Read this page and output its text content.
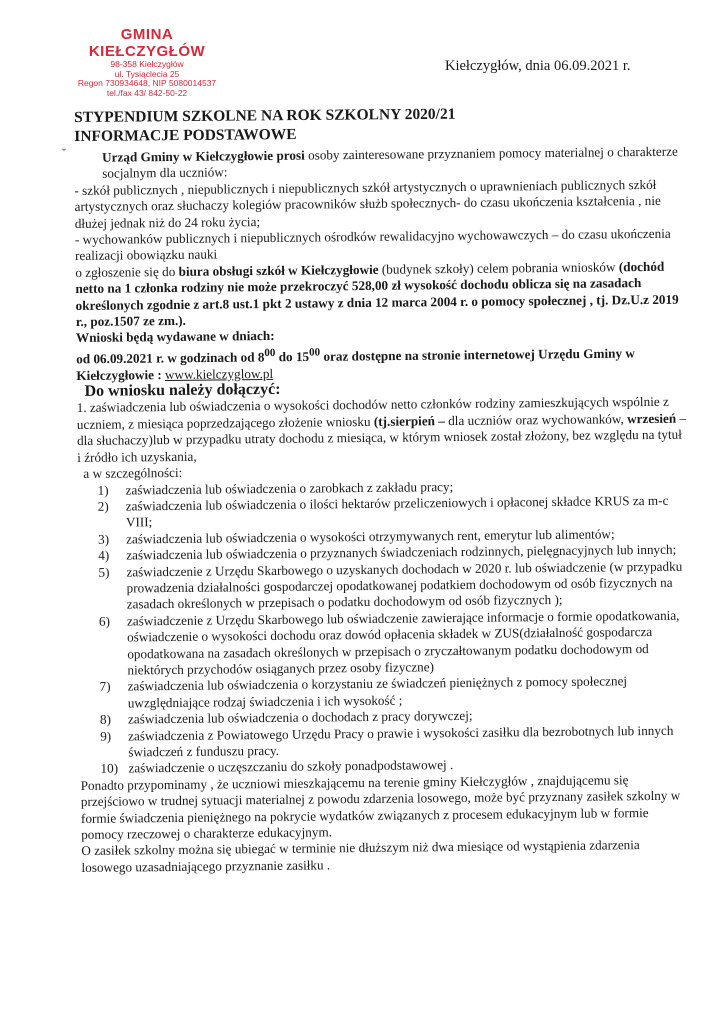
GMINA KIEŁCZYGŁÓW
98-358 Kiełczygłów
ul. Tysiąclecia 25
Regon 730934648, NIP 5080014537
tel./fax 43/ 842-50-22
Kiełczygłów, dnia 06.09.2021 r.
STYPENDIUM SZKOLNE NA ROK SZKOLNY 2020/21
INFORMACJE PODSTAWOWE
ˇ	Urząd Gminy w Kiełczygłowie prosi osoby zainteresowane przyznaniem pomocy materialnej o charakterze socjalnym dla uczniów:

- szkół publicznych , niepublicznych i niepublicznych szkół artystycznych o uprawnieniach publicznych szkół artystycznych oraz słuchaczy kolegiów pracowników służb społecznych- do czasu ukończenia kształcenia , nie dłużej jednak niż do 24 roku życia;

- wychowanków publicznych i niepublicznych ośrodków rewalidacyjno wychowawczych – do czasu ukończenia realizacji obowiązku nauki

o zgłoszenie się do biura obsługi szkół w Kiełczygłowie (budynek szkoły) celem pobrania wniosków (dochód netto na 1 członka rodziny nie może przekroczyć 528,00 zł wysokość dochodu oblicza się na zasadach określonych zgodnie z art.8 ust.1 pkt 2 ustawy z dnia 12 marca 2004 r. o pomocy społecznej , tj. Dz.U.z 2019 r., poz.1507 ze zm.).

Wnioski będą wydawane w dniach:

od 06.09.2021 r. w godzinach od $8^{00}$ do $15^{00}$ oraz dostępne na stronie internetowej Urzędu Gminy w Kiełczygłowie : www.kielczyglow.pl

Do wniosku należy dołączyć:

1. zaświadczenia lub oświadczenia o wysokości dochodów netto członków rodziny zamieszkujących wspólnie z uczniem, z miesiąca poprzedzającego złożenie wniosku (tj.sierpień – dla uczniów oraz wychowanków, wrzesień – dla słuchaczy)lub w przypadku utraty dochodu z miesiąca, w którym wniosek został złożony, bez względu na tytuł i źródło ich uzyskania,

a w szczególności:

1) zaświadczenia lub oświadczenia o zarobkach z zakładu pracy;
2) zaświadczenia lub oświadczenia o ilości hektarów przeliczeniowych i opłaconej składce KRUS za m-c VIII;
3) zaświadczenia lub oświadczenia o wysokości otrzymywanych rent, emerytur lub alimentów;
4) zaświadczenia lub oświadczenia o przyznanych świadczeniach rodzinnych, pielęgnacyjnych lub innych;
5) zaświadczenie z Urzędu Skarbowego o uzyskanych dochodach w 2020 r. lub oświadczenie (w przypadku prowadzenia działalności gospodarczej opodatkowanej podatkiem dochodowym od osób fizycznych na zasadach określonych w przepisach o podatku dochodowym od osób fizycznych );
6) zaświadczenie z Urzędu Skarbowego lub oświadczenie zawierające informacje o formie opodatkowania, oświadczenie o wysokości dochodu oraz dowód opłacenia składek w ZUS(działalność gospodarcza opodatkowana na zasadach określonych w przepisach o zryczałtowanym podatku dochodowym od niektórych przychodów osiąganych przez osoby fizyczne)
7) zaświadczenia lub oświadczenia o korzystaniu ze świadczeń pieniężnych z pomocy społecznej uwzględniające rodzaj świadczenia i ich wysokość ;
8) zaświadczenia lub oświadczenia o dochodach z pracy dorywczej;
9) zaświadczenia z Powiatowego Urzędu Pracy o prawie i wysokości zasiłku dla bezrobotnych lub innych świadczeń z funduszu pracy.
10) zaświadczenie o uczęszczaniu do szkoły ponadpodstawowej .

Ponadto przypominamy , że uczniowi mieszkającemu na terenie gminy Kiełczygłów , znajdującemu się przejściowo w trudnej sytuacji materialnej z powodu zdarzenia losowego, może być przyznany zasiłek szkolny w formie świadczenia pieniężnego na pokrycie wydatków związanych z procesem edukacyjnym lub w formie pomocy rzeczowej o charakterze edukacyjnym.

O zasiłek szkolny można się ubiegać w terminie nie dłuższym niż dwa miesiące od wystąpienia zdarzenia losowego uzasadniającego przyznanie zasiłku .
